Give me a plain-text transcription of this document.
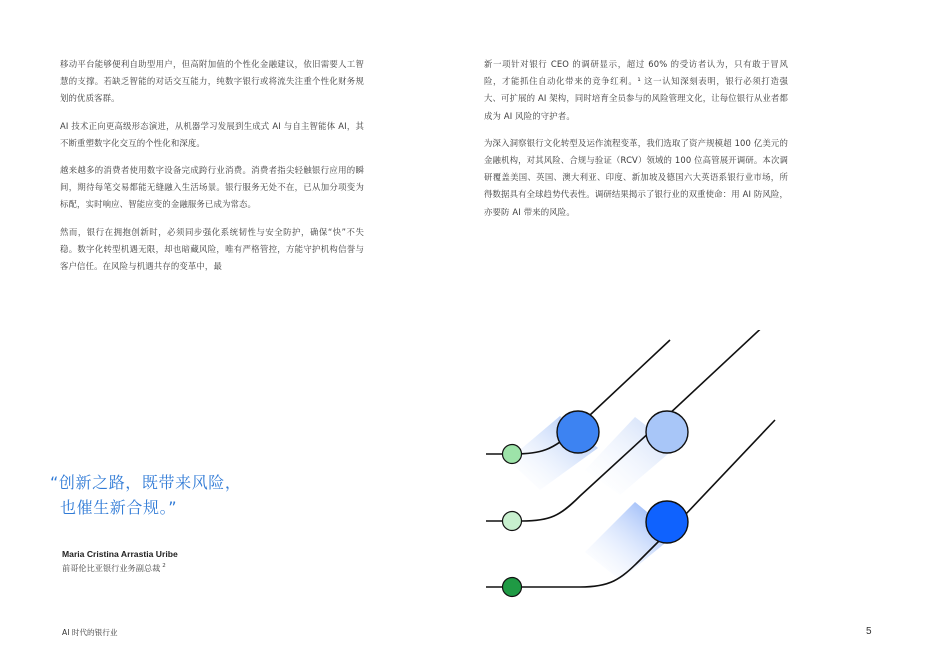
移动平台能够便利自助型用户，但高附加值的个性化金融建议，依旧需要人工智慧的支撑。若缺乏智能的对话交互能力，纯数字银行或将流失注重个性化财务规划的优质客群。

AI 技术正向更高级形态演进，从机器学习发展到生成式 AI 与自主智能体 AI，其不断重塑数字化交互的个性化和深度。

越来越多的消费者使用数字设备完成跨行业消费。消费者指尖轻触银行应用的瞬间，期待每笔交易都能无缝融入生活场景。银行服务无处不在，已从加分项变为标配，实时响应、智能应变的金融服务已成为常态。

然而，银行在拥抱创新时，必须同步强化系统韧性与安全防护，确保“快”不失稳。数字化转型机遇无限，却也暗藏风险，唯有严格管控，方能守护机构信誉与客户信任。在风险与机遇共存的变革中，最

新一项针对银行 CEO 的调研显示，超过 60% 的受访者认为，只有敢于冒风险，才能抓住自动化带来的竞争红利。¹ 这一认知深刻表明，银行必须打造强大、可扩展的 AI 架构，同时培育全员参与的风险管理文化，让每位银行从业者都成为 AI 风险的守护者。

为深入洞察银行文化转型及运作流程变革，我们选取了资产规模超 100 亿美元的金融机构，对其风险、合规与验证（RCV）领域的 100 位高管展开调研。本次调研覆盖美国、英国、澳大利亚、印度、新加坡及德国六大英语系银行业市场，所得数据具有全球趋势代表性。调研结果揭示了银行业的双重使命：用 AI 防风险，亦要防 AI 带来的风险。

“创新之路，既带来风险，
也催生新合规。”
Maria Cristina Arrastia Uribe
前哥伦比亚银行业务副总裁 $^2$
AI 时代的银行业	5
